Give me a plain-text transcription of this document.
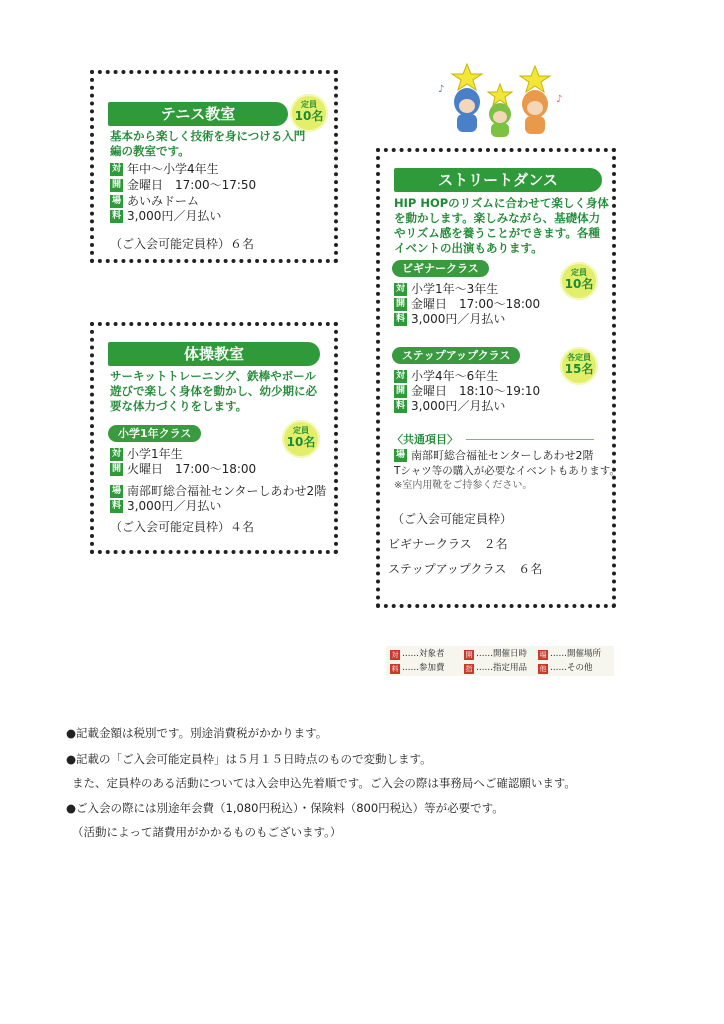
テニス教室
定員
10名
基本から楽しく技術を身につける入門
編の教室です。
対 年中～小学4年生
開 金曜日　17:00～17:50
場 あいみドーム
料 3,000円／月払い
（ご入会可能定員枠）６名
体操教室
サーキットトレーニング、鉄棒やボール
遊びで楽しく身体を動かし、幼少期に必
要な体力づくりをします。
小学1年クラス	定員
10名
対 小学1年生
開 火曜日　17:00～18:00
場 南部町総合福祉センターしあわせ2階
料 3,000円／月払い
（ご入会可能定員枠）４名
♪
♪
ストリートダンス
HIP HOPのリズムに合わせて楽しく身体
を動かします。楽しみながら、基礎体力
やリズム感を養うことができます。各種
イベントの出演もあります。
ビギナークラス	定員
10名
対 小学1年～3年生
開 金曜日　17:00～18:00
料 3,000円／月払い
ステップアップクラス	各定員
15名
対 小学4年～6年生
開 金曜日　18:10～19:10
料 3,000円／月払い
〈共通項目〉
場 南部町総合福祉センターしあわせ2階
Tシャツ等の購入が必要なイベントもあります。
※室内用靴をご持参ください。
（ご入会可能定員枠）
ビギナークラス　２名
ステップアップクラス　６名
対 ……対象者	開 ……開催日時 場 ……開催場所
料 ……参加費	指 ……指定用品 他 ……その他
●記載金額は税別です。別途消費税がかかります。
●記載の「ご入会可能定員枠」は５月１５日時点のもので変動します。
また、定員枠のある活動については入会申込先着順です。ご入会の際は事務局へご確認願います。
●ご入会の際には別途年会費（1,080円税込）・保険料（800円税込）等が必要です。
（活動によって諸費用がかかるものもございます。）
